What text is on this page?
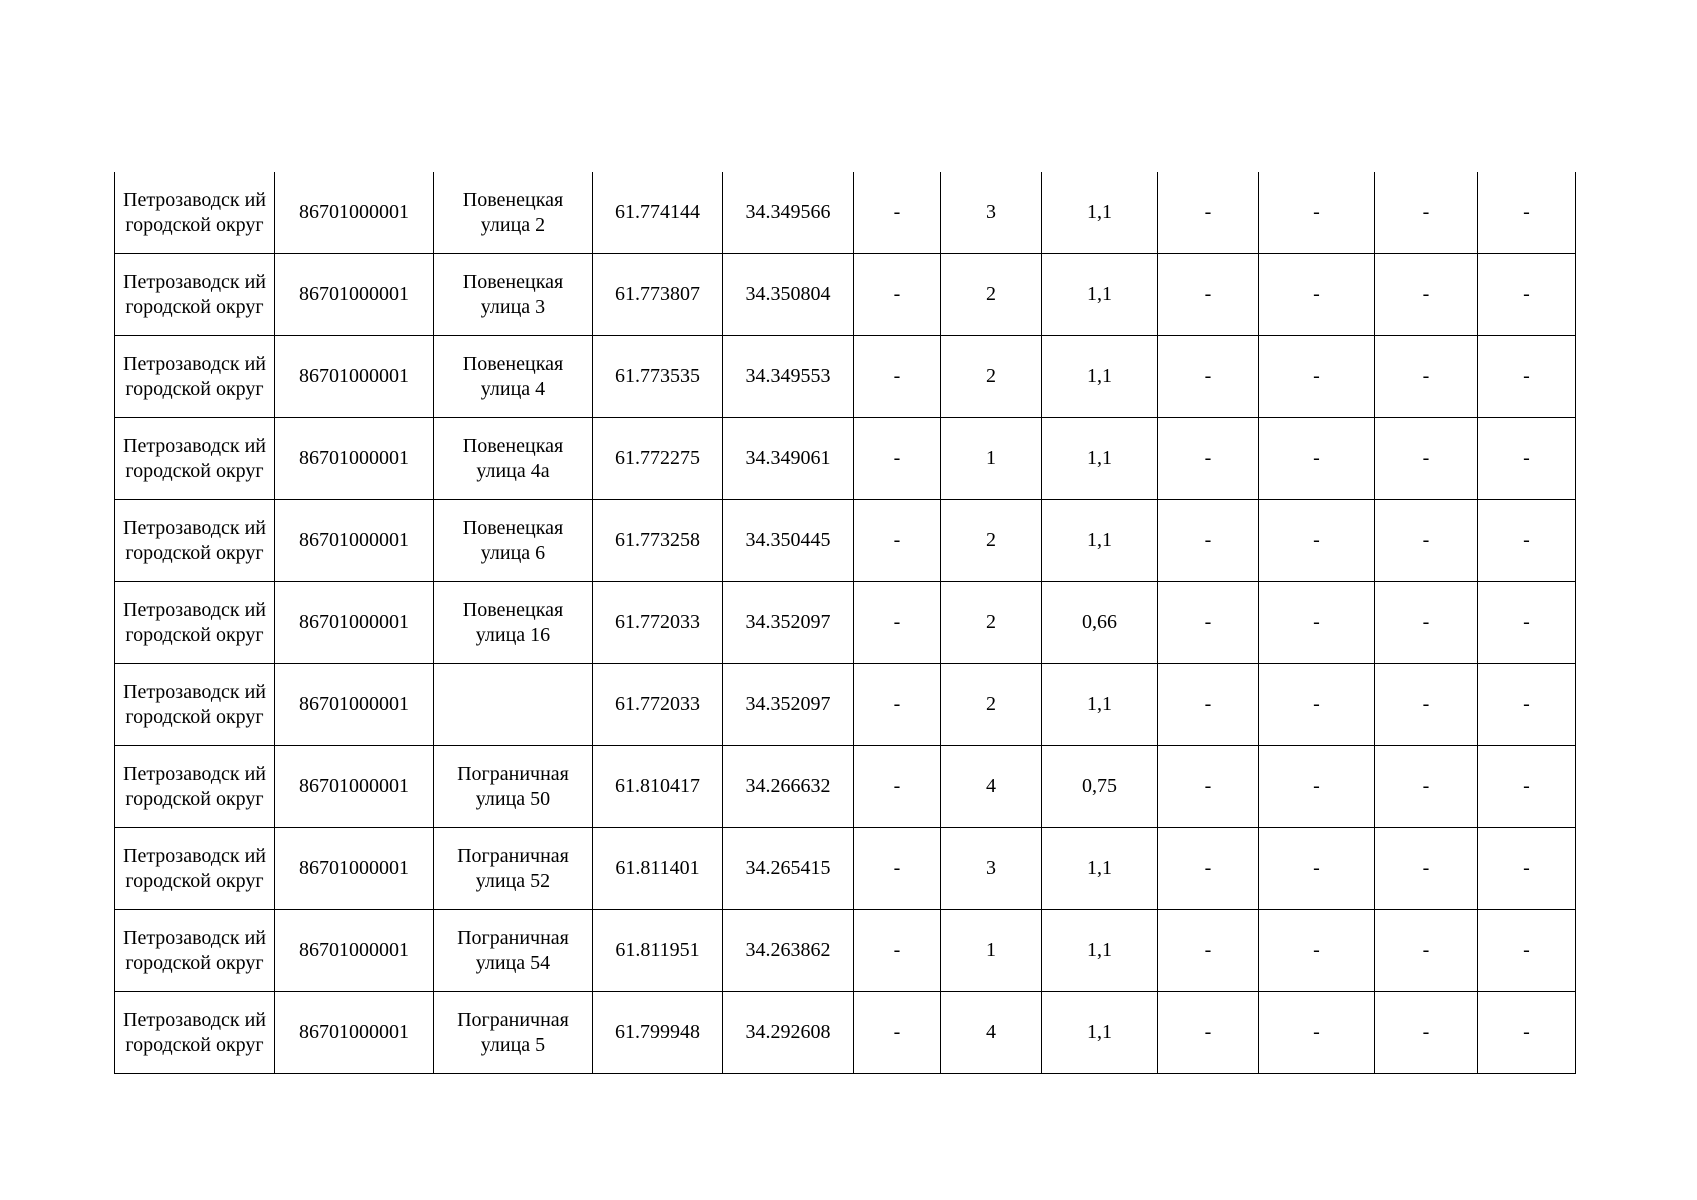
Петрозаводск ий городской округ	86701000001	Повенецкая улица 2	61.774144	34.349566	-	3	1,1	-	-	-	-
Петрозаводск ий городской округ	86701000001	Повенецкая улица 3	61.773807	34.350804	-	2	1,1	-	-	-	-
Петрозаводск ий городской округ	86701000001	Повенецкая улица 4	61.773535	34.349553	-	2	1,1	-	-	-	-
Петрозаводск ий городской округ	86701000001	Повенецкая улица 4а	61.772275	34.349061	-	1	1,1	-	-	-	-
Петрозаводск ий городской округ	86701000001	Повенецкая улица 6	61.773258	34.350445	-	2	1,1	-	-	-	-
Петрозаводск ий городской округ	86701000001	Повенецкая улица 16	61.772033	34.352097	-	2	0,66	-	-	-	-
Петрозаводск ий городской округ	86701000001		61.772033	34.352097	-	2	1,1	-	-	-	-
Петрозаводск ий городской округ	86701000001	Пограничная улица 50	61.810417	34.266632	-	4	0,75	-	-	-	-
Петрозаводск ий городской округ	86701000001	Пограничная улица 52	61.811401	34.265415	-	3	1,1	-	-	-	-
Петрозаводск ий городской округ	86701000001	Пограничная улица 54	61.811951	34.263862	-	1	1,1	-	-	-	-
Петрозаводск ий городской округ	86701000001	Пограничная улица 5	61.799948	34.292608	-	4	1,1	-	-	-	-
